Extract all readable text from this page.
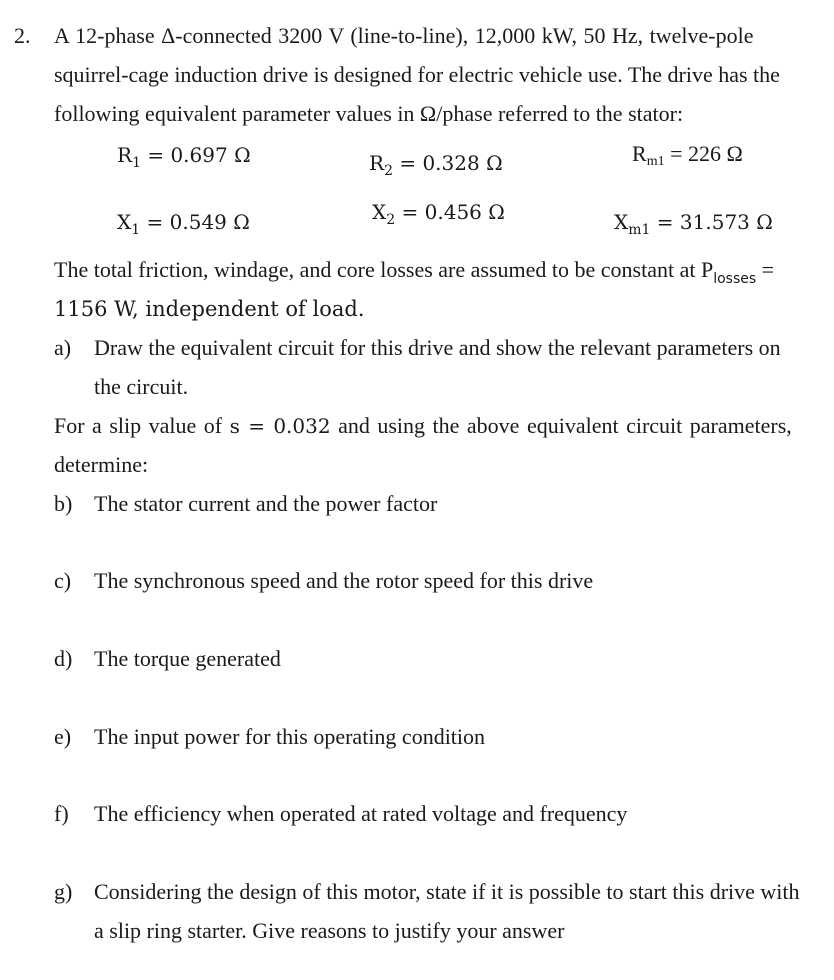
2. A 12-phase Δ-connected 3200 V (line-to-line), 12,000 kW, 50 Hz, twelve-pole

squirrel-cage induction drive is designed for electric vehicle use. The drive has the

following equivalent parameter values in Ω/phase referred to the stator:

$R_1 = 0.697$ Ω	$R_2 = 0.328$ Ω	Rm1 = 226 Ω

$X_1 = 0.549$ Ω	$X_2 = 0.456$ Ω	$X_{m1} = 31.573$ Ω

The total friction, windage, and core losses are assumed to be constant at $P_{losses}$ =

1156 W, independent of load.

a) Draw the equivalent circuit for this drive and show the relevant parameters on

the circuit.

For a slip value of s = 0.032 and using the above equivalent circuit parameters,

determine:

b) The stator current and the power factor

c) The synchronous speed and the rotor speed for this drive

d) The torque generated

e) The input power for this operating condition

f) The efficiency when operated at rated voltage and frequency

g) Considering the design of this motor, state if it is possible to start this drive with

a slip ring starter. Give reasons to justify your answer
